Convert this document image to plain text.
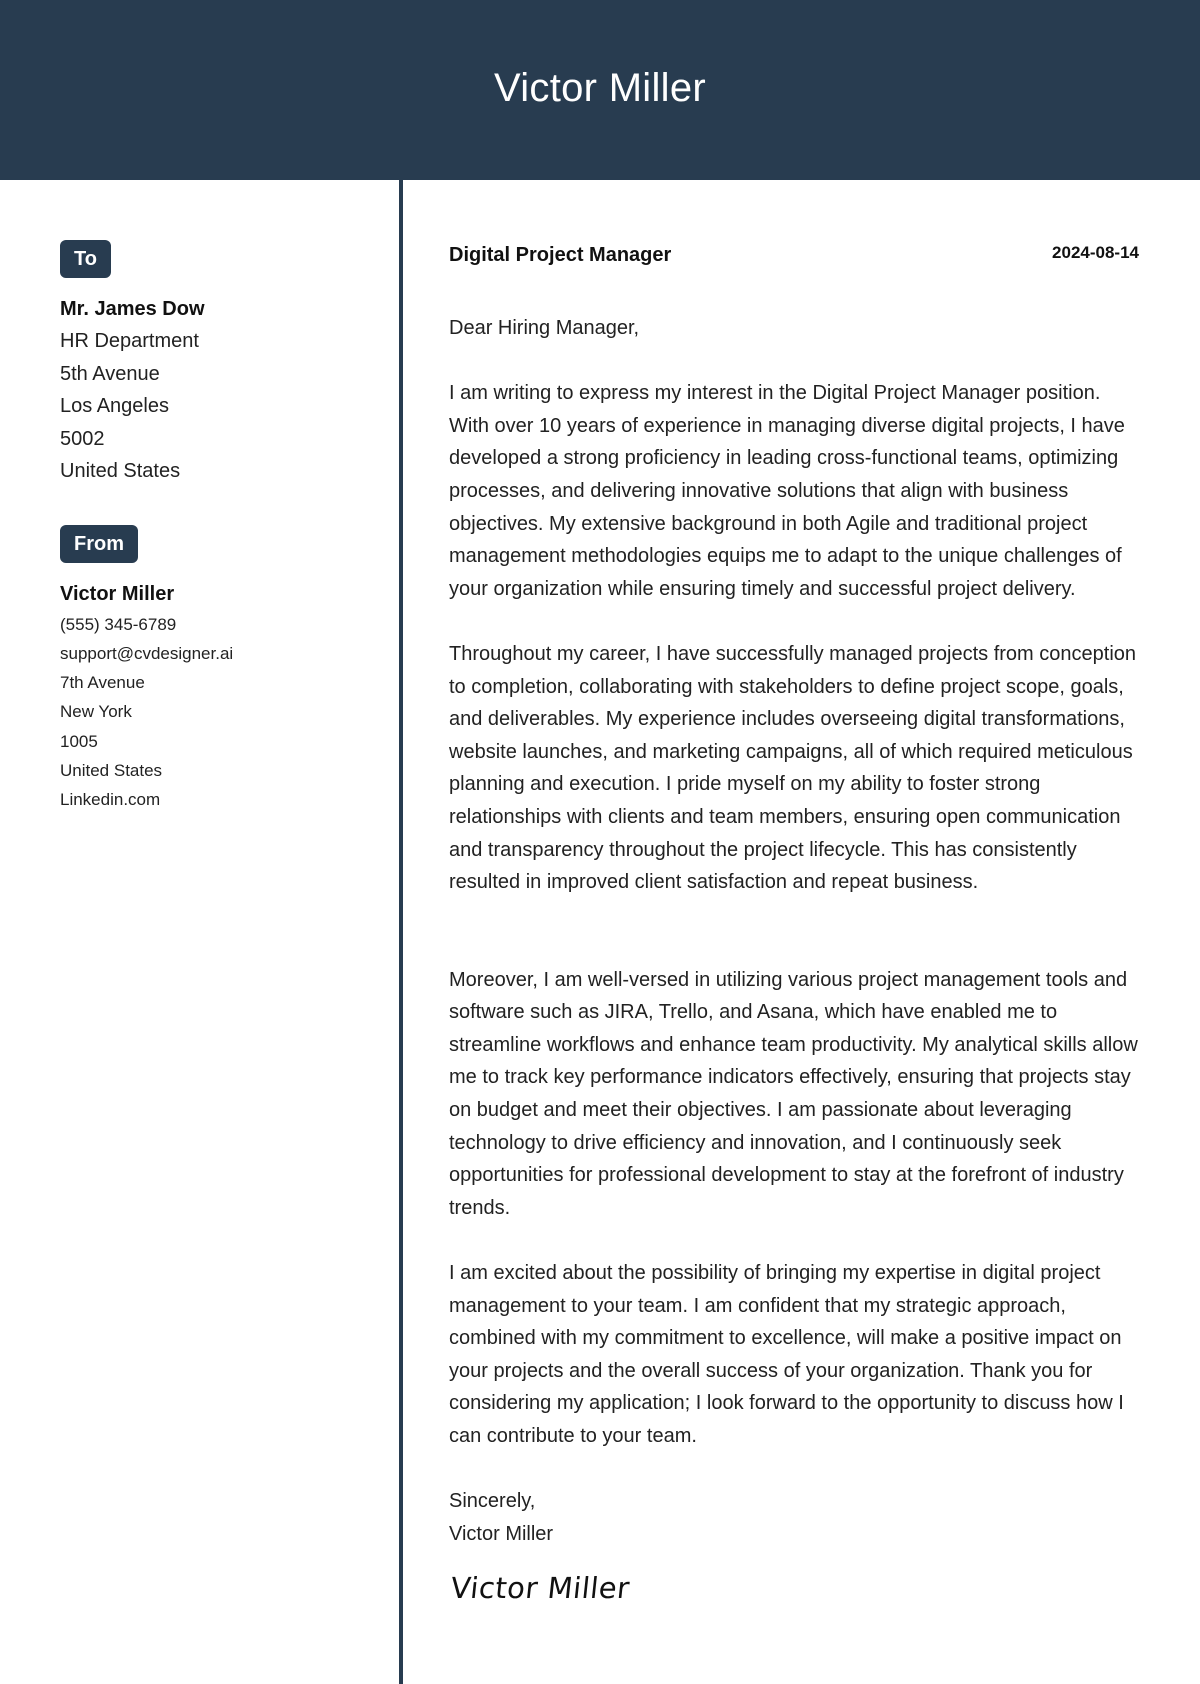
Victor Miller
To
Mr. James Dow
HR Department
5th Avenue
Los Angeles
5002
United States
From
Victor Miller
(555) 345-6789
support@cvdesigner.ai
7th Avenue
New York
1005
United States
Linkedin.com
Digital Project Manager	2024-08-14

Dear Hiring Manager,

I am writing to express my interest in the Digital Project Manager position. With over 10 years of experience in managing diverse digital projects, I have developed a strong proficiency in leading cross-functional teams, optimizing processes, and delivering innovative solutions that align with business objectives. My extensive background in both Agile and traditional project management methodologies equips me to adapt to the unique challenges of your organization while ensuring timely and successful project delivery.

Throughout my career, I have successfully managed projects from conception to completion, collaborating with stakeholders to define project scope, goals, and deliverables. My experience includes overseeing digital transformations, website launches, and marketing campaigns, all of which required meticulous planning and execution. I pride myself on my ability to foster strong relationships with clients and team members, ensuring open communication and transparency throughout the project lifecycle. This has consistently resulted in improved client satisfaction and repeat business.

Moreover, I am well-versed in utilizing various project management tools and software such as JIRA, Trello, and Asana, which have enabled me to streamline workflows and enhance team productivity. My analytical skills allow me to track key performance indicators effectively, ensuring that projects stay on budget and meet their objectives. I am passionate about leveraging technology to drive efficiency and innovation, and I continuously seek opportunities for professional development to stay at the forefront of industry trends.

I am excited about the possibility of bringing my expertise in digital project management to your team. I am confident that my strategic approach, combined with my commitment to excellence, will make a positive impact on your projects and the overall success of your organization. Thank you for considering my application; I look forward to the opportunity to discuss how I can contribute to your team.

Sincerely,
Victor Miller
Victor Miller
